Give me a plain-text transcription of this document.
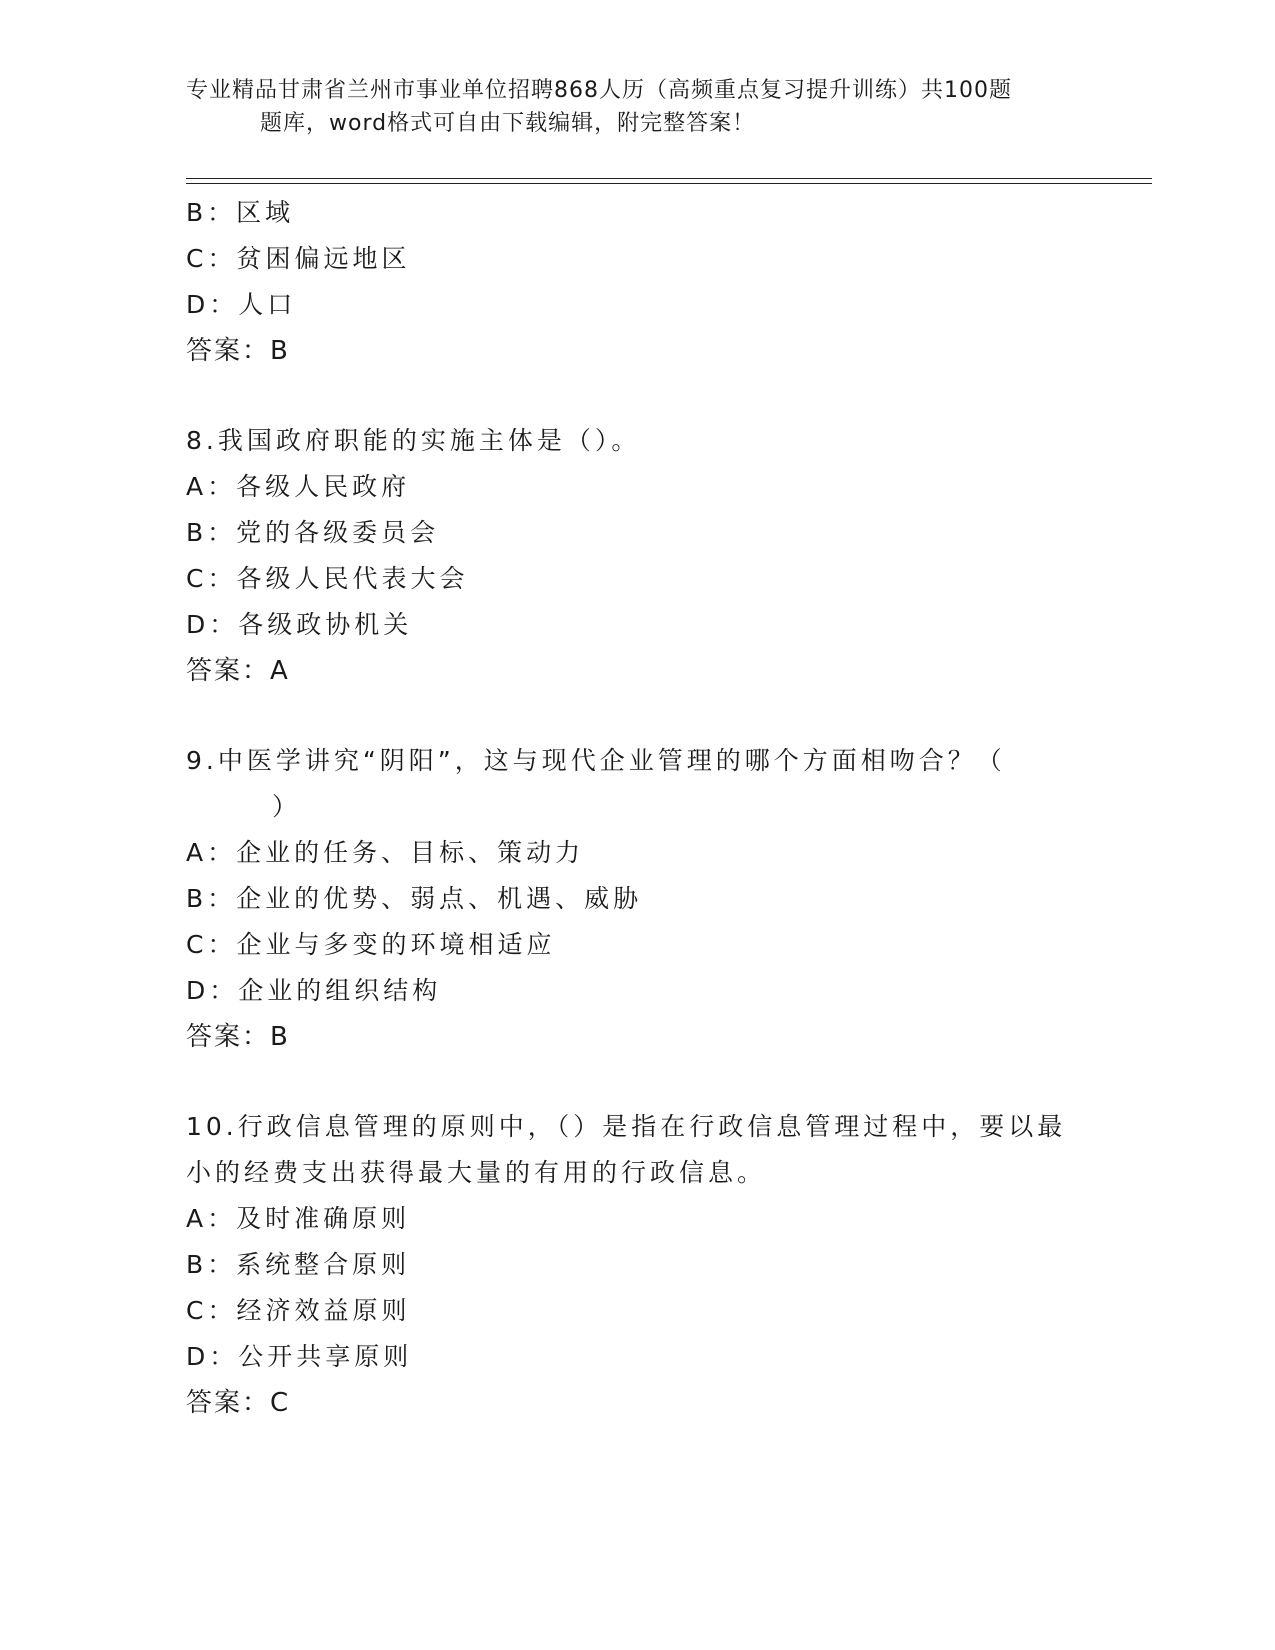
专业精品甘肃省兰州市事业单位招聘868人历（高频重点复习提升训练）共100题
题库，word格式可自由下载编辑，附完整答案！
B：区域
C：贫困偏远地区
D：人口
答案：B
8.我国政府职能的实施主体是（）。
A：各级人民政府
B：党的各级委员会
C：各级人民代表大会
D：各级政协机关
答案：A
9.中医学讲究“阴阳”，这与现代企业管理的哪个方面相吻合？（
）
A：企业的任务、目标、策动力
B：企业的优势、弱点、机遇、威胁
C：企业与多变的环境相适应
D：企业的组织结构
答案：B
10.行政信息管理的原则中，（）是指在行政信息管理过程中，要以最
小的经费支出获得最大量的有用的行政信息。
A：及时准确原则
B：系统整合原则
C：经济效益原则
D：公开共享原则
答案：C
